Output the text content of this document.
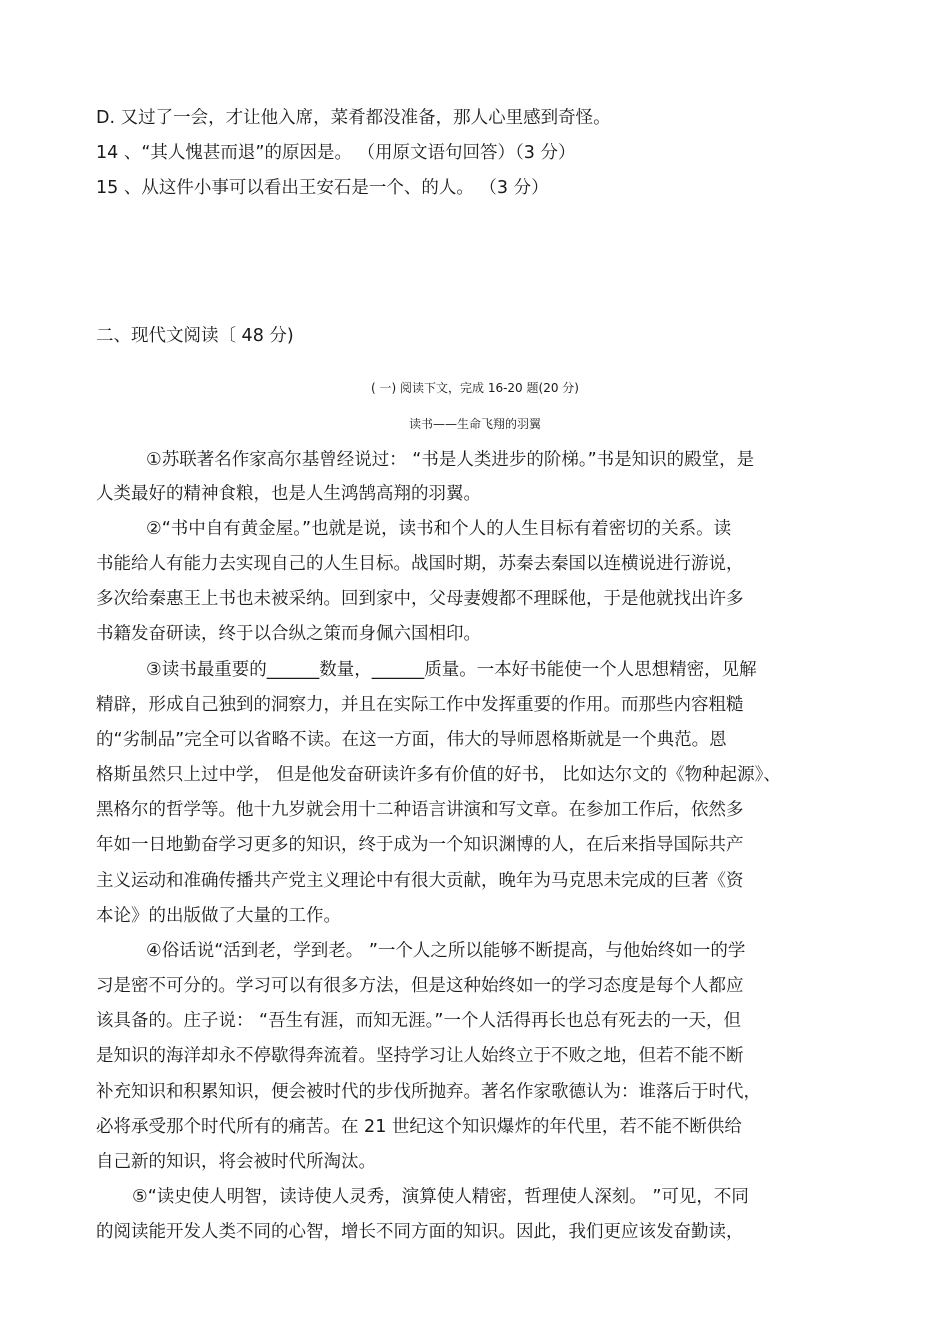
D. 又过了一会，才让他入席，菜肴都没准备，那人心里感到奇怪。
14 、“其人愧甚而退”的原因是。 （用原文语句回答）（3 分）
15 、从这件小事可以看出王安石是一个、的人。 （3 分）
二、现代文阅读〔 48 分)
( 一) 阅读下文，完成 16-20 题(20 分)
读书——生命飞翔的羽翼
①苏联著名作家高尔基曾经说过： “书是人类进步的阶梯。”书是知识的殿堂，是
人类最好的精神食粮，也是人生鸿鹄高翔的羽翼。
②“书中自有黄金屋。”也就是说，读书和个人的人生目标有着密切的关系。读
书能给人有能力去实现自己的人生目标。战国时期，苏秦去秦国以连横说进行游说，
多次给秦惠王上书也未被采纳。回到家中，父母妻嫂都不理睬他，于是他就找出许多
书籍发奋研读，终于以合纵之策而身佩六国相印。
③读书最重要的______数量，______质量。一本好书能使一个人思想精密，见解
精辟，形成自己独到的洞察力，并且在实际工作中发挥重要的作用。而那些内容粗糙
的“劣制品”完全可以省略不读。在这一方面，伟大的导师恩格斯就是一个典范。恩
格斯虽然只上过中学， 但是他发奋研读许多有价值的好书， 比如达尔文的《物种起源》、
黑格尔的哲学等。他十九岁就会用十二种语言讲演和写文章。在参加工作后，依然多
年如一日地勤奋学习更多的知识，终于成为一个知识渊博的人，在后来指导国际共产
主义运动和准确传播共产党主义理论中有很大贡献，晚年为马克思未完成的巨著《资
本论》的出版做了大量的工作。
④俗话说“活到老，学到老。 ”一个人之所以能够不断提高，与他始终如一的学
习是密不可分的。学习可以有很多方法，但是这种始终如一的学习态度是每个人都应
该具备的。庄子说： “吾生有涯，而知无涯。”一个人活得再长也总有死去的一天，但
是知识的海洋却永不停歇得奔流着。坚持学习让人始终立于不败之地，但若不能不断
补充知识和积累知识，便会被时代的步伐所抛弃。著名作家歌德认为：谁落后于时代，
必将承受那个时代所有的痛苦。在 21 世纪这个知识爆炸的年代里，若不能不断供给
自己新的知识，将会被时代所淘汰。
⑤“读史使人明智，读诗使人灵秀，演算使人精密，哲理使人深刻。 ”可见，不同
的阅读能开发人类不同的心智，增长不同方面的知识。因此，我们更应该发奋勤读，
